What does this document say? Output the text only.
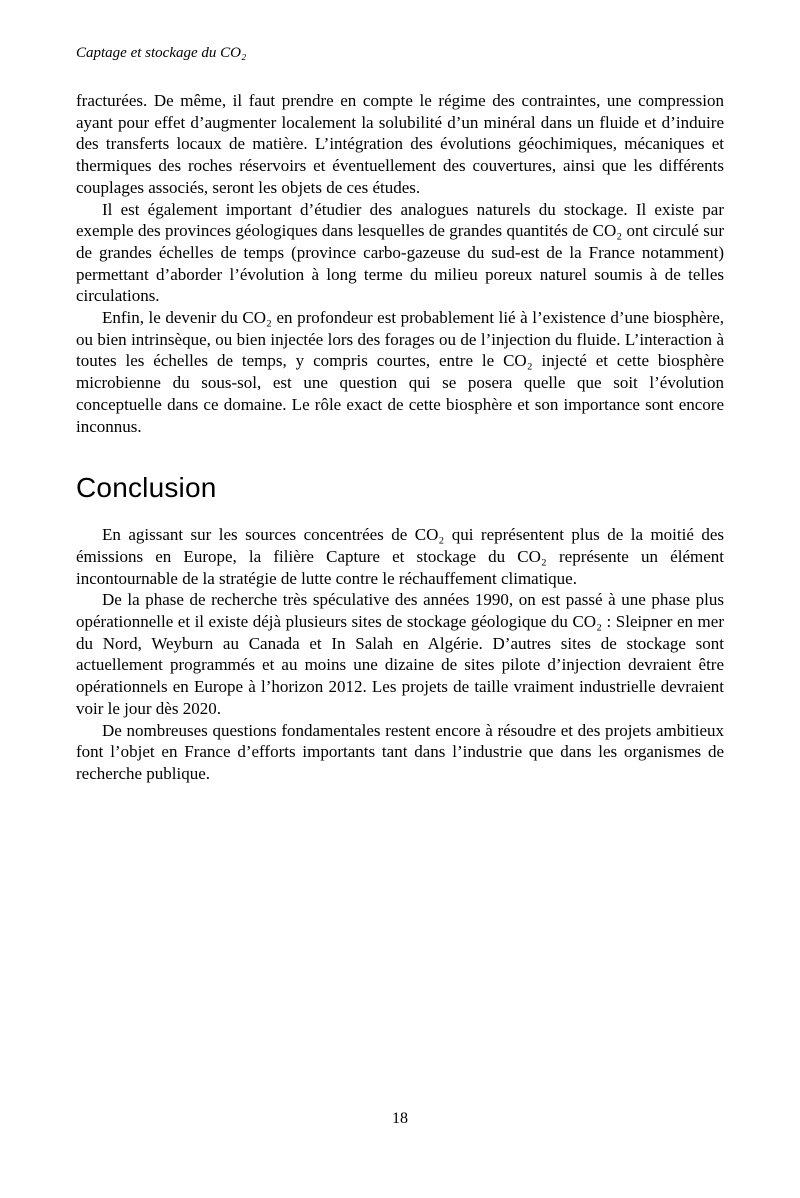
Captage et stockage du CO₂

fracturées. De même, il faut prendre en compte le régime des contraintes, une compression ayant pour effet d’augmenter localement la solubilité d’un minéral dans un fluide et d’induire des transferts locaux de matière. L’intégration des évolutions géochimiques, mécaniques et thermiques des roches réservoirs et éventuellement des couvertures, ainsi que les différents couplages associés, seront les objets de ces études.

Il est également important d’étudier des analogues naturels du stockage. Il existe par exemple des provinces géologiques dans lesquelles de grandes quantités de CO₂ ont circulé sur de grandes échelles de temps (province carbo-gazeuse du sud-est de la France notamment) permettant d’aborder l’évolution à long terme du milieu poreux naturel soumis à de telles circulations.

Enfin, le devenir du CO₂ en profondeur est probablement lié à l’existence d’une biosphère, ou bien intrinsèque, ou bien injectée lors des forages ou de l’injection du fluide. L’interaction à toutes les échelles de temps, y compris courtes, entre le CO₂ injecté et cette biosphère microbienne du sous-sol, est une question qui se posera quelle que soit l’évolution conceptuelle dans ce domaine. Le rôle exact de cette biosphère et son importance sont encore inconnus.

Conclusion

En agissant sur les sources concentrées de CO₂ qui représentent plus de la moitié des émissions en Europe, la filière Capture et stockage du CO₂ représente un élément incontournable de la stratégie de lutte contre le réchauffement climatique.

De la phase de recherche très spéculative des années 1990, on est passé à une phase plus opérationnelle et il existe déjà plusieurs sites de stockage géologique du CO₂ : Sleipner en mer du Nord, Weyburn au Canada et In Salah en Algérie. D’autres sites de stockage sont actuellement programmés et au moins une dizaine de sites pilote d’injection devraient être opérationnels en Europe à l’horizon 2012. Les projets de taille vraiment industrielle devraient voir le jour dès 2020.

De nombreuses questions fondamentales restent encore à résoudre et des projets ambitieux font l’objet en France d’efforts importants tant dans l’industrie que dans les organismes de recherche publique.

18
